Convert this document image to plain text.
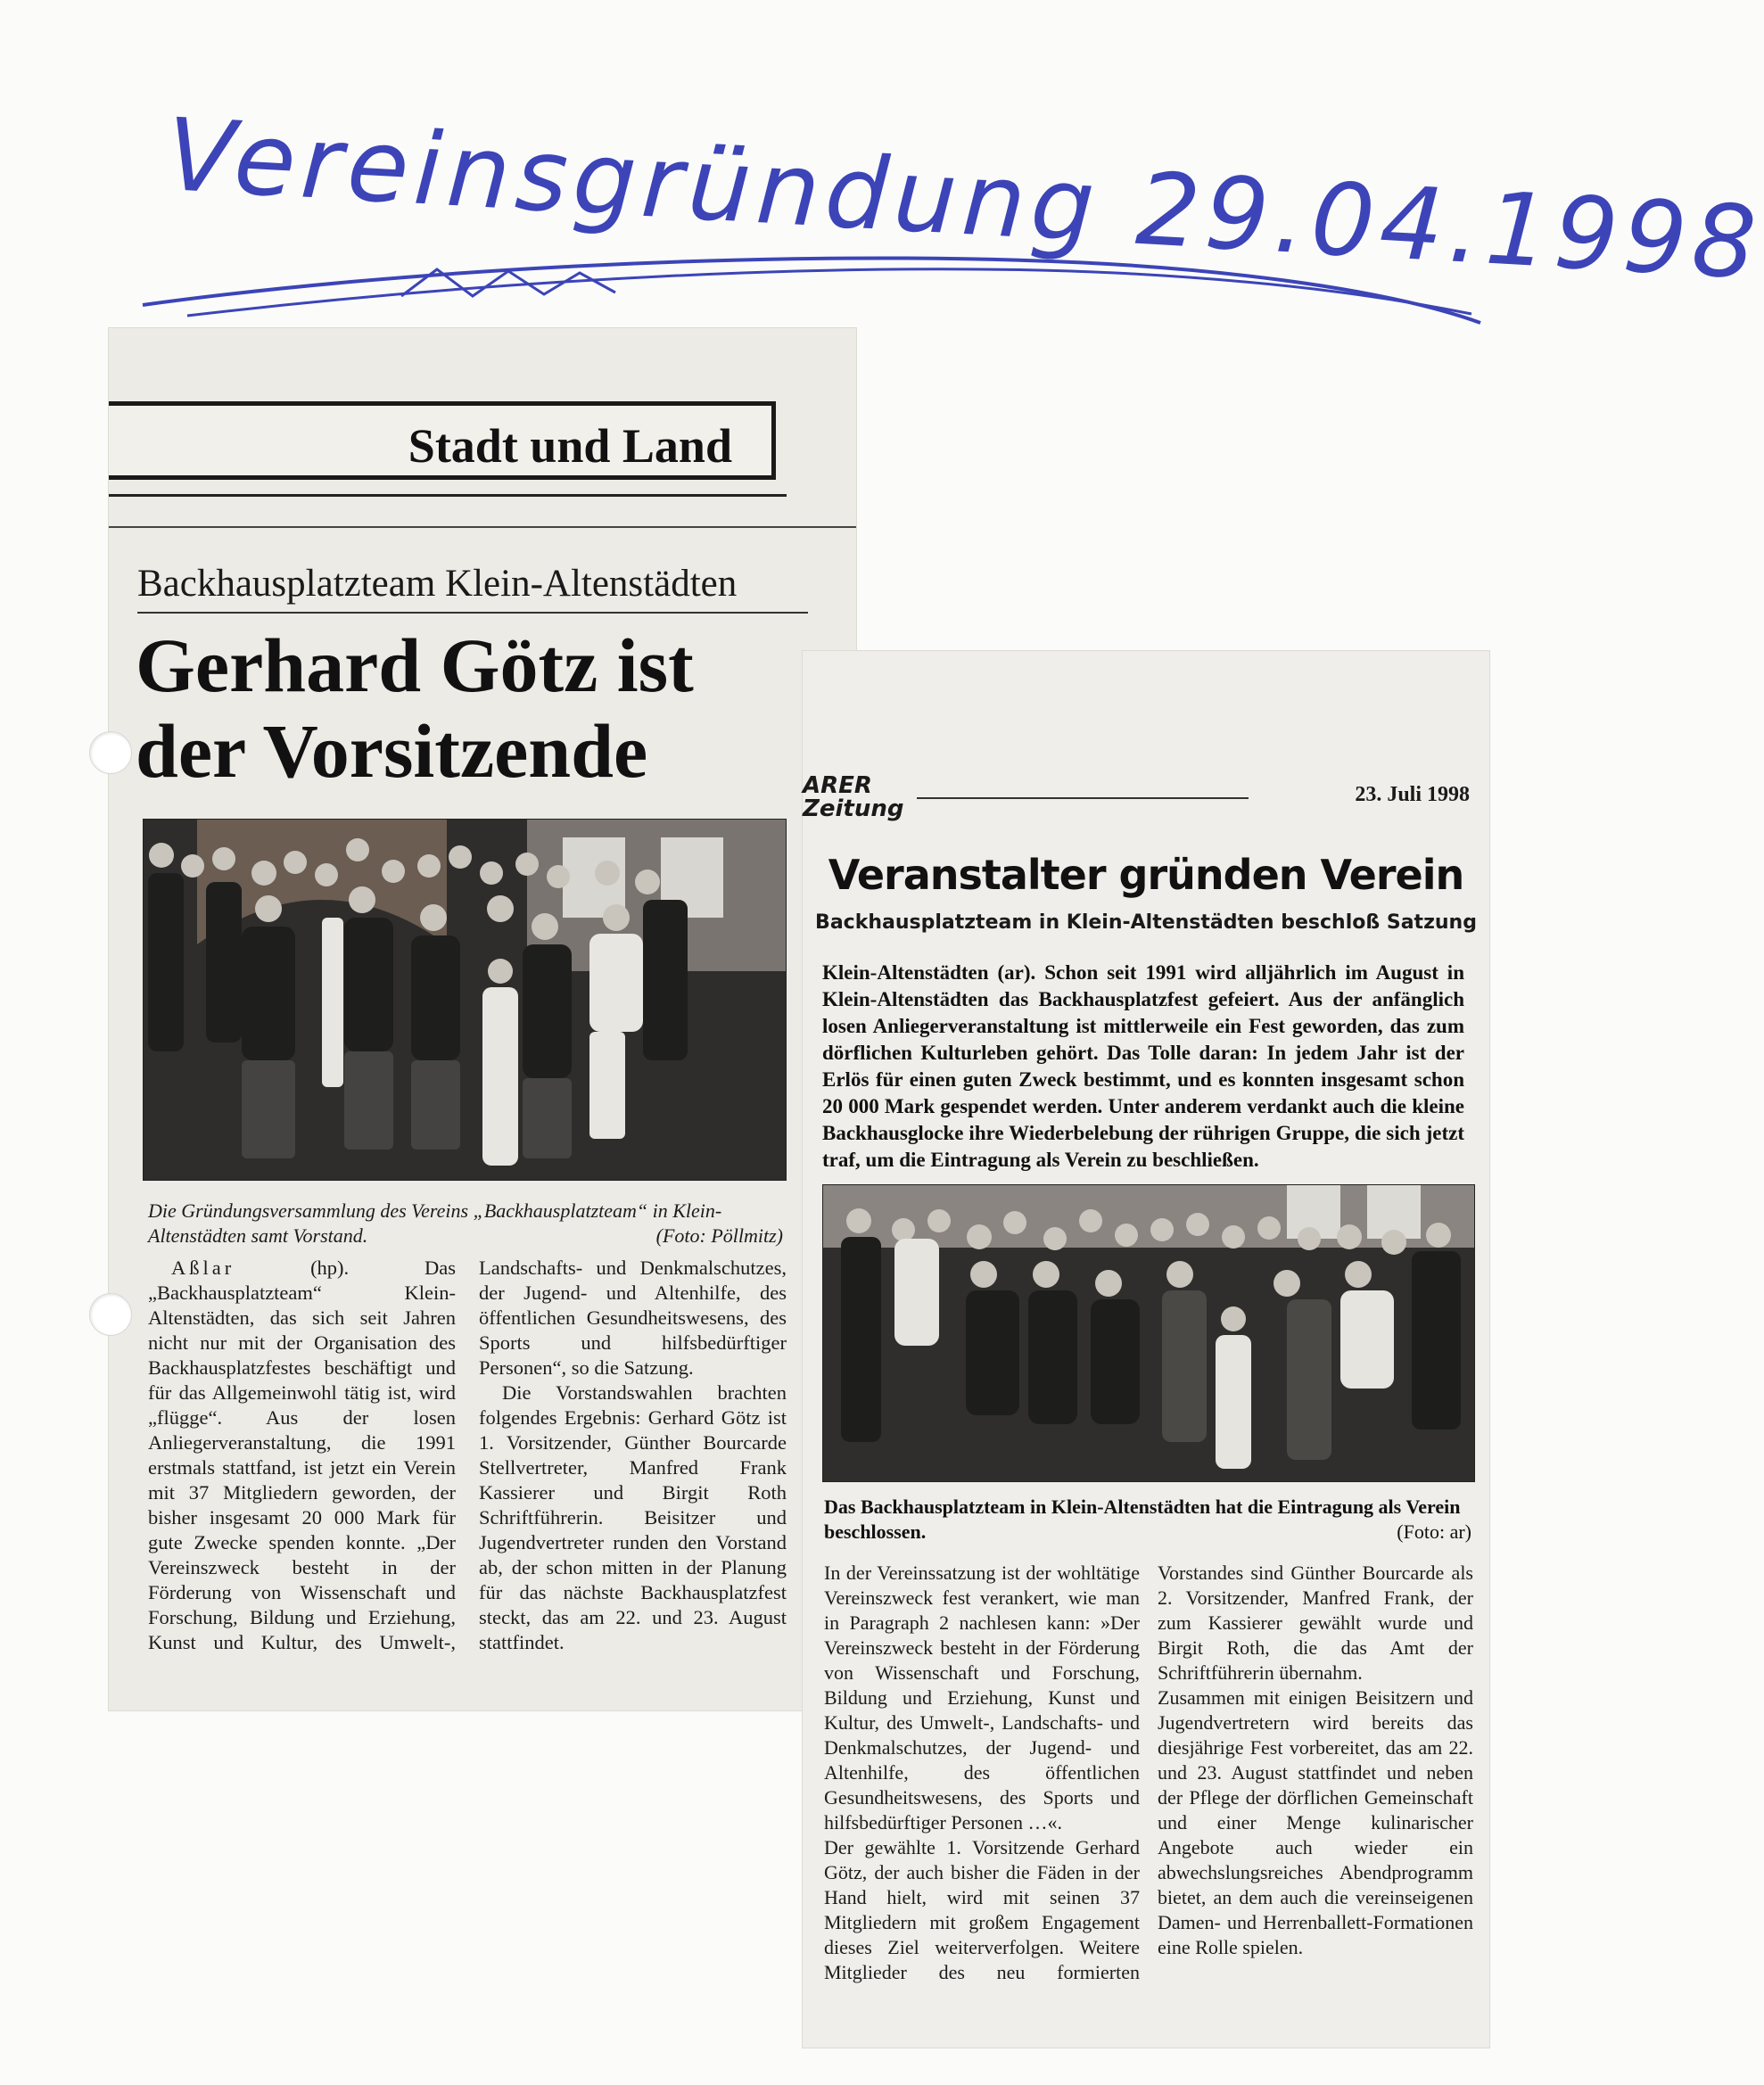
Vereinsgründung 29.04.1998
Stadt und Land
Backhausplatzteam Klein-Altenstädten
Gerhard Götz ist
der Vorsitzende
Die Gründungsversammlung des Vereins „Backhausplatzteam“ in Klein-Altenstädten samt Vorstand.	(Foto: Pöllmitz)

Aßlar (hp). Das „Backhausplatzteam“ Klein-Altenstädten, das sich seit Jahren nicht nur mit der Organisation des Backhausplatzfestes beschäftigt und für das Allgemeinwohl tätig ist, wird „flügge“. Aus der losen Anliegerveranstaltung, die 1991 erstmals stattfand, ist jetzt ein Verein mit 37 Mitgliedern geworden, der bisher insgesamt 20 000 Mark für gute Zwecke spenden konnte. „Der Vereinszweck besteht in der Förderung von Wissenschaft und Forschung, Bildung und Erziehung, Kunst und Kultur, des Umwelt-, Landschafts- und Denkmalschutzes, der Jugend- und Altenhilfe, des öffentlichen Gesundheitswesens, des Sports und hilfsbedürftiger Personen“, so die Satzung.

Die Vorstandswahlen brachten folgendes Ergebnis: Gerhard Götz ist 1. Vorsitzender, Günther Bourcarde Stellvertreter, Manfred Frank Kassierer und Birgit Roth Schriftführerin. Beisitzer und Jugendvertreter runden den Vorstand ab, der schon mitten in der Planung für das nächste Backhausplatzfest steckt, das am 22. und 23. August stattfindet.

ARER
Zeitung
23. Juli 1998
Veranstalter gründen Verein
Backhausplatzteam in Klein-Altenstädten beschloß Satzung
Klein-Altenstädten (ar). Schon seit 1991 wird alljährlich im August in Klein-Altenstädten das Backhausplatzfest gefeiert. Aus der anfänglich losen Anliegerveranstaltung ist mittlerweile ein Fest geworden, das zum dörflichen Kulturleben gehört. Das Tolle daran: In jedem Jahr ist der Erlös für einen guten Zweck bestimmt, und es konnten insgesamt schon 20 000 Mark gespendet werden. Unter anderem verdankt auch die kleine Backhausglocke ihre Wiederbelebung der rührigen Gruppe, die sich jetzt traf, um die Eintragung als Verein zu beschließen.
Das Backhausplatzteam in Klein-Altenstädten hat die Eintragung als Verein beschlossen.	(Foto: ar)

In der Vereinssatzung ist der wohltätige Vereinszweck fest verankert, wie man in Paragraph 2 nachlesen kann: »Der Vereinszweck besteht in der Förderung von Wissenschaft und Forschung, Bildung und Erziehung, Kunst und Kultur, des Umwelt-, Landschafts- und Denkmalschutzes, der Jugend- und Altenhilfe, des öffentlichen Gesundheitswesens, des Sports und hilfsbedürftiger Personen …«.

Der gewählte 1. Vorsitzende Gerhard Götz, der auch bisher die Fäden in der Hand hielt, wird mit seinen 37 Mitgliedern mit großem Engagement dieses Ziel weiterverfolgen. Weitere Mitglieder des neu formierten Vorstandes sind Günther Bourcarde als 2. Vorsitzender, Manfred Frank, der zum Kassierer gewählt wurde und Birgit Roth, die das Amt der Schriftführerin übernahm.

Zusammen mit einigen Beisitzern und Jugendvertretern wird bereits das diesjährige Fest vorbereitet, das am 22. und 23. August stattfindet und neben der Pflege der dörflichen Gemeinschaft und einer Menge kulinarischer Angebote auch wieder ein abwechslungsreiches Abendprogramm bietet, an dem auch die vereinseigenen Damen- und Herrenballett-Formationen eine Rolle spielen.
